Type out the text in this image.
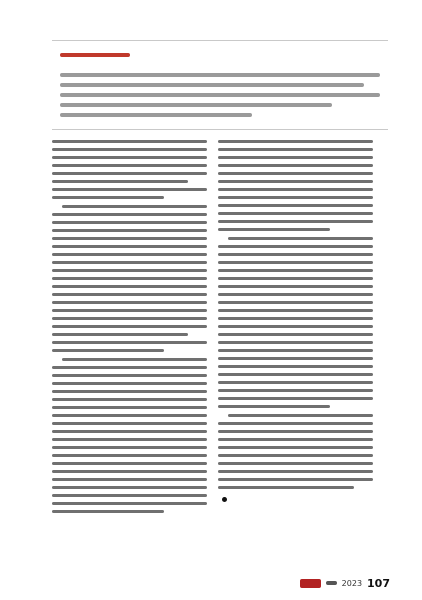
2023 107
